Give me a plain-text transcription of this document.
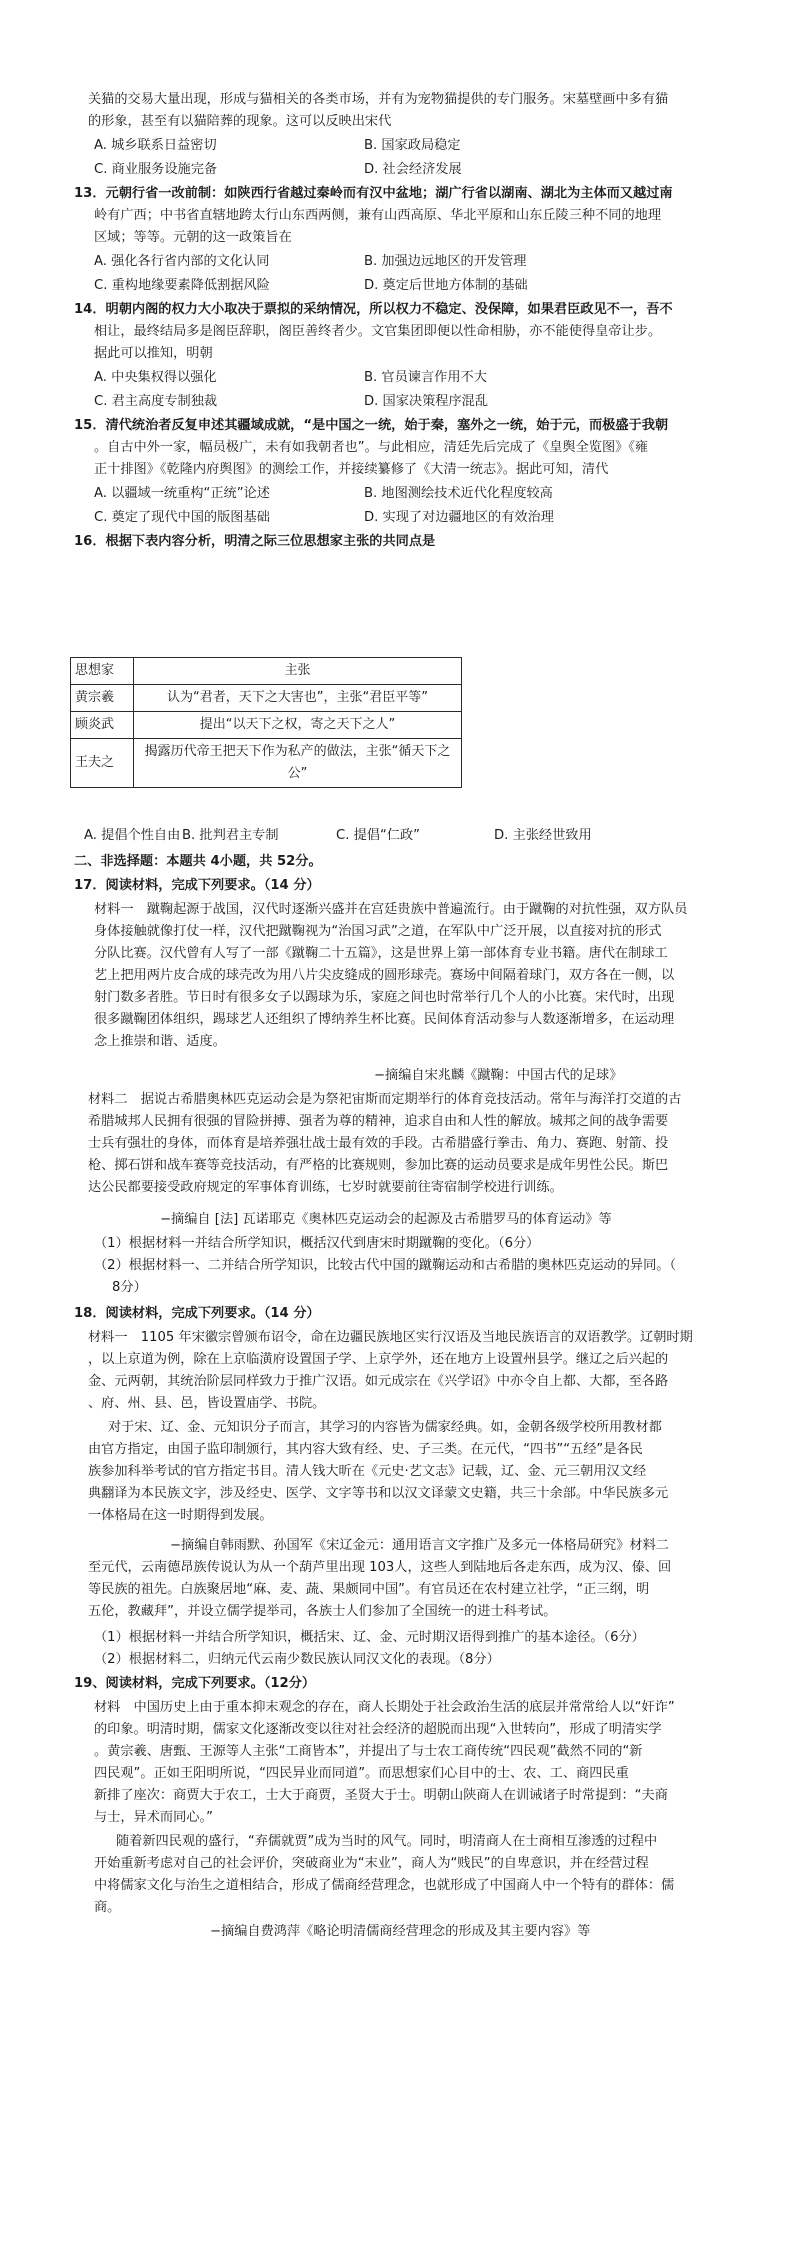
思想家	主张
黄宗羲	认为“君者，天下之大害也”，主张“君臣平等”
顾炎武	提出“以天下之权，寄之天下之人”
王夫之	揭露历代帝王把天下作为私产的做法，主张“循天下之公”
关猫的交易大量出现，形成与猫相关的各类市场，并有为宠物猫提供的专门服务。宋墓壁画中多有猫
的形象，甚至有以猫陪葬的现象。这可以反映出宋代
A. 城乡联系日益密切	B. 国家政局稳定
C. 商业服务设施完备	D. 社会经济发展
13．元朝行省一改前制：如陕西行省越过秦岭而有汉中盆地；湖广行省以湖南、湖北为主体而又越过南
岭有广西；中书省直辖地跨太行山东西两侧，兼有山西高原、华北平原和山东丘陵三种不同的地理
区域；等等。元朝的这一政策旨在
A. 强化各行省内部的文化认同	B. 加强边远地区的开发管理
C. 重构地缘要素降低割据风险	D. 奠定后世地方体制的基础
14．明朝内阁的权力大小取决于票拟的采纳情况，所以权力不稳定、没保障，如果君臣政见不一，吾不
相让，最终结局多是阁臣辞职，阁臣善终者少。文官集团即便以性命相胁，亦不能使得皇帝让步。
据此可以推知，明朝
A. 中央集权得以强化	B. 官员谏言作用不大
C. 君主高度专制独裁	D. 国家决策程序混乱
15．清代统治者反复申述其疆域成就，“是中国之一统，始于秦，塞外之一统，始于元，而极盛于我朝
。自古中外一家，幅员极广，未有如我朝者也”。与此相应，清廷先后完成了《皇舆全览图》《雍
正十排图》《乾隆内府舆图》的测绘工作，并接续纂修了《大清一统志》。据此可知，清代
A. 以疆域一统重构“正统”论述	B. 地图测绘技术近代化程度较高
C. 奠定了现代中国的版图基础	D. 实现了对边疆地区的有效治理
16．根据下表内容分析，明清之际三位思想家主张的共同点是
A. 提倡个性自由 B. 批判君主专制	C. 提倡“仁政”	D. 主张经世致用
二、非选择题：本题共 4小题，共 52分。
17．阅读材料，完成下列要求。（14 分）
材料一　蹴鞠起源于战国，汉代时逐渐兴盛并在宫廷贵族中普遍流行。由于蹴鞠的对抗性强，双方队员
身体接触就像打仗一样，汉代把蹴鞠视为“治国习武”之道，在军队中广泛开展，以直接对抗的形式
分队比赛。汉代曾有人写了一部《蹴鞠二十五篇》，这是世界上第一部体育专业书籍。唐代在制球工
艺上把用两片皮合成的球壳改为用八片尖皮缝成的圆形球壳。赛场中间隔着球门，双方各在一侧，以
射门数多者胜。节日时有很多女子以踢球为乐，家庭之间也时常举行几个人的小比赛。宋代时，出现
很多蹴鞠团体组织，踢球艺人还组织了博纳养生杯比赛。民间体育活动参与人数逐渐增多，在运动理
念上推崇和谐、适度。
−摘编自宋兆麟《蹴鞠：中国古代的足球》
材料二　据说古希腊奥林匹克运动会是为祭祀宙斯而定期举行的体育竞技活动。常年与海洋打交道的古
希腊城邦人民拥有很强的冒险拼搏、强者为尊的精神，追求自由和人性的解放。城邦之间的战争需要
士兵有强壮的身体，而体育是培养强壮战士最有效的手段。古希腊盛行拳击、角力、赛跑、射箭、投
枪、掷石饼和战车赛等竞技活动，有严格的比赛规则，参加比赛的运动员要求是成年男性公民。斯巴
达公民都要接受政府规定的军事体育训练，七岁时就要前往寄宿制学校进行训练。
−摘编自 [法] 瓦诺耶克《奥林匹克运动会的起源及古希腊罗马的体育运动》等
（1）根据材料一并结合所学知识，概括汉代到唐宋时期蹴鞠的变化。（6分）
（2）根据材料一、二并结合所学知识，比较古代中国的蹴鞠运动和古希腊的奥林匹克运动的异同。（
8分）
18．阅读材料，完成下列要求。（14 分）
材料一　1105 年宋徽宗曾颁布诏令，命在边疆民族地区实行汉语及当地民族语言的双语教学。辽朝时期
，以上京道为例，除在上京临潢府设置国子学、上京学外，还在地方上设置州县学。继辽之后兴起的
金、元两朝，其统治阶层同样致力于推广汉语。如元成宗在《兴学诏》中亦令自上都、大都，至各路
、府、州、县、邑，皆设置庙学、书院。
对于宋、辽、金、元知识分子而言，其学习的内容皆为儒家经典。如，金朝各级学校所用教材都
由官方指定，由国子监印制颁行，其内容大致有经、史、子三类。在元代，“四书”“五经”是各民
族参加科举考试的官方指定书目。清人钱大昕在《元史·艺文志》记载，辽、金、元三朝用汉文经
典翻译为本民族文字，涉及经史、医学、文字等书和以汉文译蒙文史籍，共三十余部。中华民族多元
一体格局在这一时期得到发展。
−摘编自韩雨默、孙国军《宋辽金元：通用语言文字推广及多元一体格局研究》材料二
至元代，云南德昂族传说认为从一个葫芦里出现 103人，这些人到陆地后各走东西，成为汉、傣、回
等民族的祖先。白族聚居地“麻、麦、蔬、果颇同中国”。有官员还在农村建立社学，“正三纲，明
五伦，教藏拜”，并设立儒学提举司，各族士人们参加了全国统一的进士科考试。
（1）根据材料一并结合所学知识，概括宋、辽、金、元时期汉语得到推广的基本途径。（6分）
（2）根据材料二，归纳元代云南少数民族认同汉文化的表现。（8分）
19、阅读材料，完成下列要求。（12分）
材料　中国历史上由于重本抑末观念的存在，商人长期处于社会政治生活的底层并常常给人以“奸诈”
的印象。明清时期，儒家文化逐渐改变以往对社会经济的超脱而出现“入世转向”，形成了明清实学
。黄宗羲、唐甄、王源等人主张“工商皆本”，并提出了与士农工商传统“四民观”截然不同的“新
四民观”。正如王阳明所说，“四民异业而同道”。而思想家们心目中的士、农、工、商四民重
新排了座次：商贾大于农工，士大于商贾，圣贤大于士。明朝山陕商人在训诫诸子时常提到：“夫商
与士，异术而同心。”
随着新四民观的盛行，“弃儒就贾”成为当时的风气。同时，明清商人在士商相互渗透的过程中
开始重新考虑对自己的社会评价，突破商业为“末业”，商人为“贱民”的自卑意识，并在经营过程
中将儒家文化与治生之道相结合，形成了儒商经营理念，也就形成了中国商人中一个特有的群体：儒
商。
−摘编自费鸿萍《略论明清儒商经营理念的形成及其主要内容》等
